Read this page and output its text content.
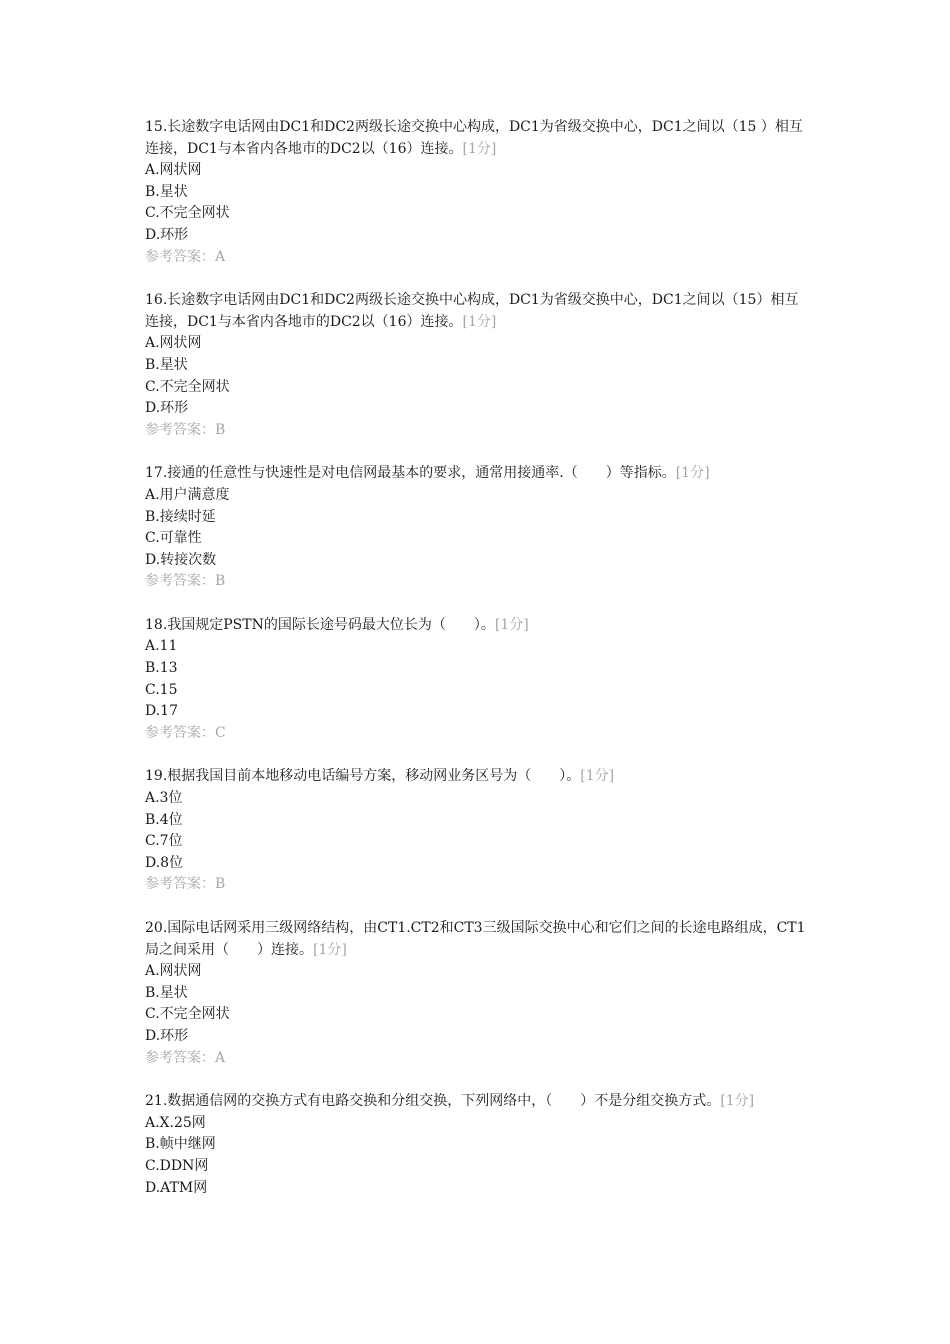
15.长途数字电话网由DC1和DC2两级长途交换中心构成，DC1为省级交换中心，DC1之间以（15 ）相互连接，DC1与本省内各地市的DC2以（16）连接。[1分]

A.网状网

B.星状

C.不完全网状

D.环形

参考答案：A

16.长途数字电话网由DC1和DC2两级长途交换中心构成，DC1为省级交换中心，DC1之间以（15）相互连接，DC1与本省内各地市的DC2以（16）连接。[1分]

A.网状网

B.星状

C.不完全网状

D.环形

参考答案：B

17.接通的任意性与快速性是对电信网最基本的要求，通常用接通率.（　　）等指标。[1分]

A.用户满意度

B.接续时延

C.可靠性

D.转接次数

参考答案：B

18.我国规定PSTN的国际长途号码最大位长为（　　）。[1分]

A.11

B.13

C.15

D.17

参考答案：C

19.根据我国目前本地移动电话编号方案，移动网业务区号为（　　）。[1分]

A.3位

B.4位

C.7位

D.8位

参考答案：B

20.国际电话网采用三级网络结构，由CT1.CT2和CT3三级国际交换中心和它们之间的长途电路组成，CT1局之间采用（　　）连接。[1分]

A.网状网

B.星状

C.不完全网状

D.环形

参考答案：A

21.数据通信网的交换方式有电路交换和分组交换，下列网络中，（　　）不是分组交换方式。[1分]

A.X.25网

B.帧中继网

C.DDN网

D.ATM网
